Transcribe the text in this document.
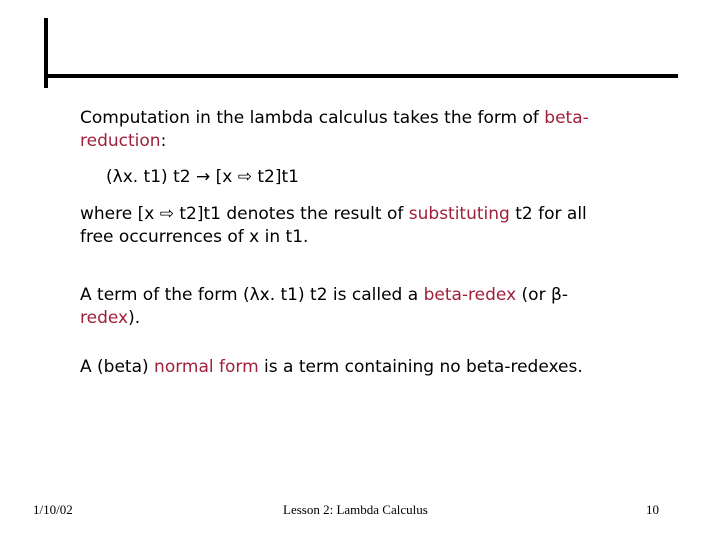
Computation in the lambda calculus takes the form of beta-
reduction:

(λx. t1) t2 → [x ⇨ t2]t1

where [x ⇨ t2]t1 denotes the result of substituting t2 for all
free occurrences of x in t1.

A term of the form (λx. t1) t2 is called a beta-redex (or β-
redex).

A (beta) normal form is a term containing no beta-redexes.

1/10/02	Lesson 2: Lambda Calculus	10
